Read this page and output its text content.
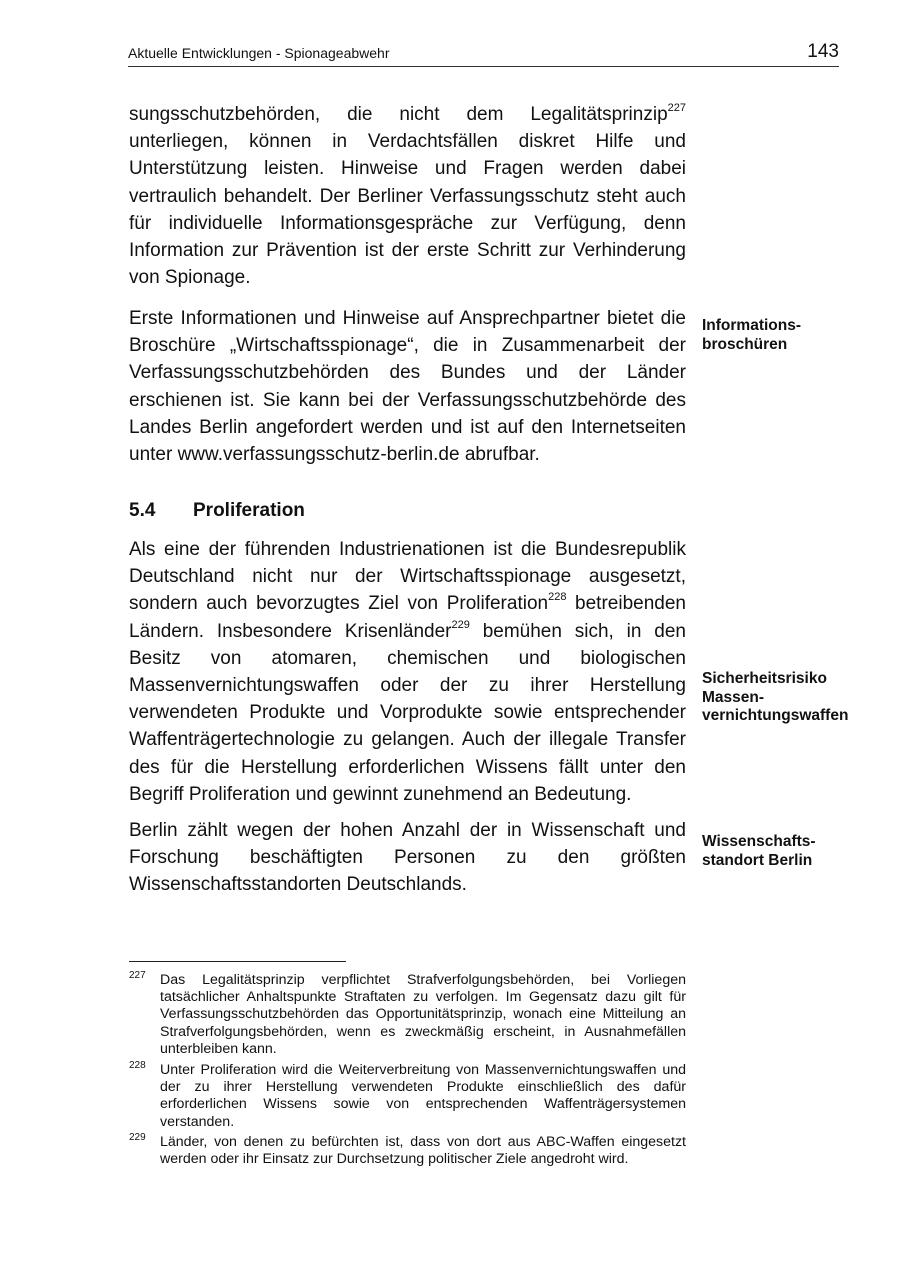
Aktuelle Entwicklungen - Spionageabwehr	143

sungsschutzbehörden, die nicht dem Legalitätsprinzip$^{227}$ unterliegen, können in Verdachtsfällen diskret Hilfe und Unterstützung leisten. Hinweise und Fragen werden dabei vertraulich behandelt. Der Berliner Verfassungsschutz steht auch für individuelle Informationsgespräche zur Verfügung, denn Information zur Prävention ist der erste Schritt zur Verhinderung von Spionage.

Erste Informationen und Hinweise auf Ansprechpartner bietet die Broschüre „Wirtschaftsspionage“, die in Zusammenarbeit der Verfassungsschutzbehörden des Bundes und der Länder erschienen ist. Sie kann bei der Verfassungsschutzbehörde des Landes Berlin angefordert werden und ist auf den Internetseiten unter www.verfassungsschutz-berlin.de abrufbar.

Informations-
broschüren
5.4 Proliferation

Als eine der führenden Industrienationen ist die Bundesrepublik Deutschland nicht nur der Wirtschaftsspionage ausgesetzt, sondern auch bevorzugtes Ziel von Proliferation$^{228}$ betreibenden Ländern. Insbesondere Krisenländer$^{229}$ bemühen sich, in den Besitz von atomaren, chemischen und biologischen Massenvernichtungswaffen oder der zu ihrer Herstellung verwendeten Produkte und Vorprodukte sowie entsprechender Waffenträgertechnologie zu gelangen. Auch der illegale Transfer des für die Herstellung erforderlichen Wissens fällt unter den Begriff Proliferation und gewinnt zunehmend an Bedeutung.

Sicherheitsrisiko
Massen-
vernichtungswaffen

Berlin zählt wegen der hohen Anzahl der in Wissenschaft und Forschung beschäftigten Personen zu den größten Wissenschaftsstandorten Deutschlands.

Wissenschafts-
standort Berlin
227 Das Legalitätsprinzip verpflichtet Strafverfolgungsbehörden, bei Vorliegen tatsächlicher Anhaltspunkte Straftaten zu verfolgen. Im Gegensatz dazu gilt für Verfassungsschutzbehörden das Opportunitätsprinzip, wonach eine Mitteilung an Strafverfolgungsbehörden, wenn es zweckmäßig erscheint, in Ausnahmefällen unterbleiben kann.

228 Unter Proliferation wird die Weiterverbreitung von Massenvernichtungswaffen und der zu ihrer Herstellung verwendeten Produkte einschließlich des dafür erforderlichen Wissens sowie von entsprechenden Waffenträgersystemen verstanden.

229 Länder, von denen zu befürchten ist, dass von dort aus ABC-Waffen eingesetzt werden oder ihr Einsatz zur Durchsetzung politischer Ziele angedroht wird.
